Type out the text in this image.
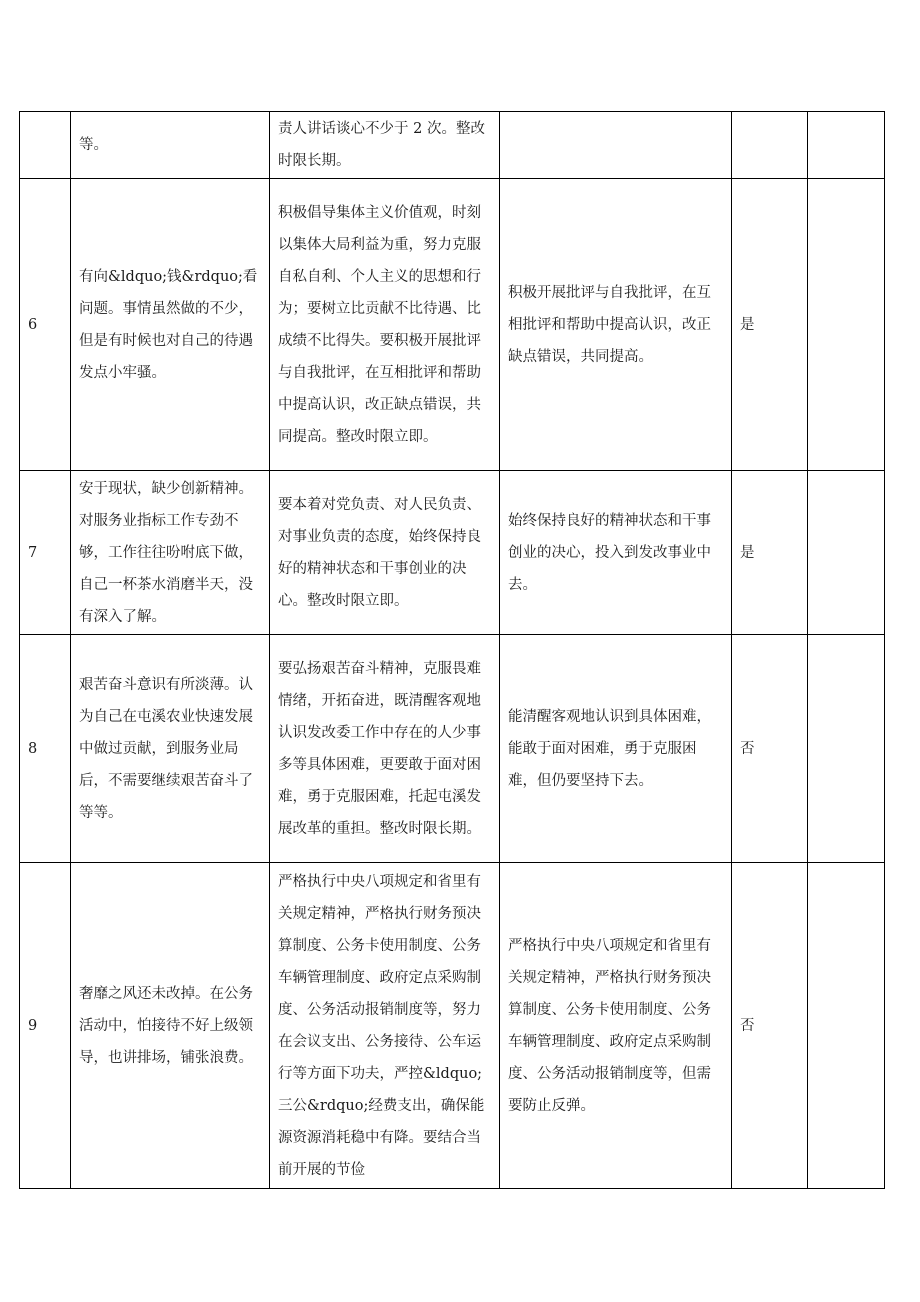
	等。	责人讲话谈心不少于 2 次。整改时限长期。			

6	有向&ldquo;钱&rdquo;看问题。事情虽然做的不少，但是有时候也对自己的待遇发点小牢骚。	积极倡导集体主义价值观，时刻以集体大局利益为重，努力克服自私自利、个人主义的思想和行为；要树立比贡献不比待遇、比成绩不比得失。要积极开展批评与自我批评，在互相批评和帮助中提高认识，改正缺点错误，共同提高。整改时限立即。	积极开展批评与自我批评，在互相批评和帮助中提高认识，改正缺点错误，共同提高。	是	
7	安于现状，缺少创新精神。对服务业指标工作专劲不够，工作往往吩咐底下做，自己一杯茶水消磨半天，没有深入了解。	要本着对党负责、对人民负责、对事业负责的态度，始终保持良好的精神状态和干事创业的决心。整改时限立即。	始终保持良好的精神状态和干事创业的决心，投入到发改事业中去。	是	
8	艰苦奋斗意识有所淡薄。认为自己在屯溪农业快速发展中做过贡献，到服务业局后，不需要继续艰苦奋斗了等等。	要弘扬艰苦奋斗精神，克服畏难情绪，开拓奋进，既清醒客观地认识发改委工作中存在的人少事多等具体困难，更要敢于面对困难，勇于克服困难，托起屯溪发展改革的重担。整改时限长期。	能清醒客观地认识到具体困难，能敢于面对困难，勇于克服困难，但仍要坚持下去。	否	
9	奢靡之风还未改掉。在公务活动中，怕接待不好上级领导，也讲排场，铺张浪费。	严格执行中央八项规定和省里有关规定精神，严格执行财务预决算制度、公务卡使用制度、公务车辆管理制度、政府定点采购制度、公务活动报销制度等，努力在会议支出、公务接待、公车运行等方面下功夫，严控&ldquo;三公&rdquo;经费支出，确保能源资源消耗稳中有降。要结合当前开展的节俭	严格执行中央八项规定和省里有关规定精神，严格执行财务预决算制度、公务卡使用制度、公务车辆管理制度、政府定点采购制度、公务活动报销制度等，但需要防止反弹。	否	
